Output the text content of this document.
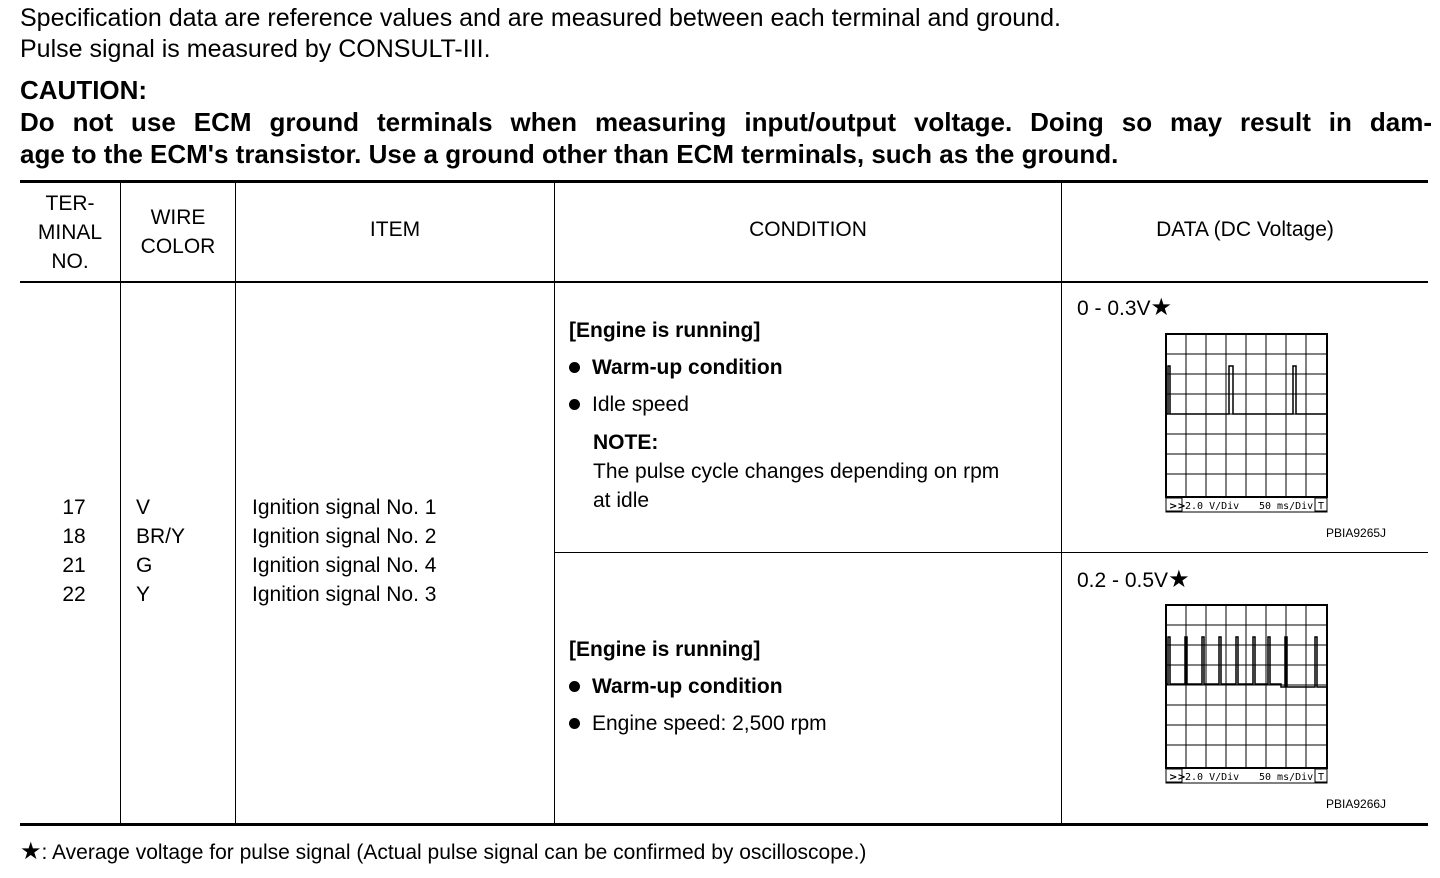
Specification data are reference values and are measured between each terminal and ground.
Pulse signal is measured by CONSULT-III.
CAUTION:
Do not use ECM ground terminals when measuring input/output voltage. Doing so may result in dam-
age to the ECM's transistor. Use a ground other than ECM terminals, such as the ground.
TER-
MINAL
NO.
WIRE
COLOR
ITEM	CONDITION	DATA (DC Voltage)
17
18
21
22
V
BR/Y
G
Y
Ignition signal No. 1
Ignition signal No. 2
Ignition signal No. 4
Ignition signal No. 3
[Engine is running]
Warm-up condition
Idle speed
NOTE:
The pulse cycle changes depending on rpm
at idle
[Engine is running]
Warm-up condition
Engine speed: 2,500 rpm
0 - 0.3V★
>> 2.0 V/Div 50 ms/Div T
PBIA9265J
0.2 - 0.5V★
>> 2.0 V/Div 50 ms/Div T
PBIA9266J
★: Average voltage for pulse signal (Actual pulse signal can be confirmed by oscilloscope.)
